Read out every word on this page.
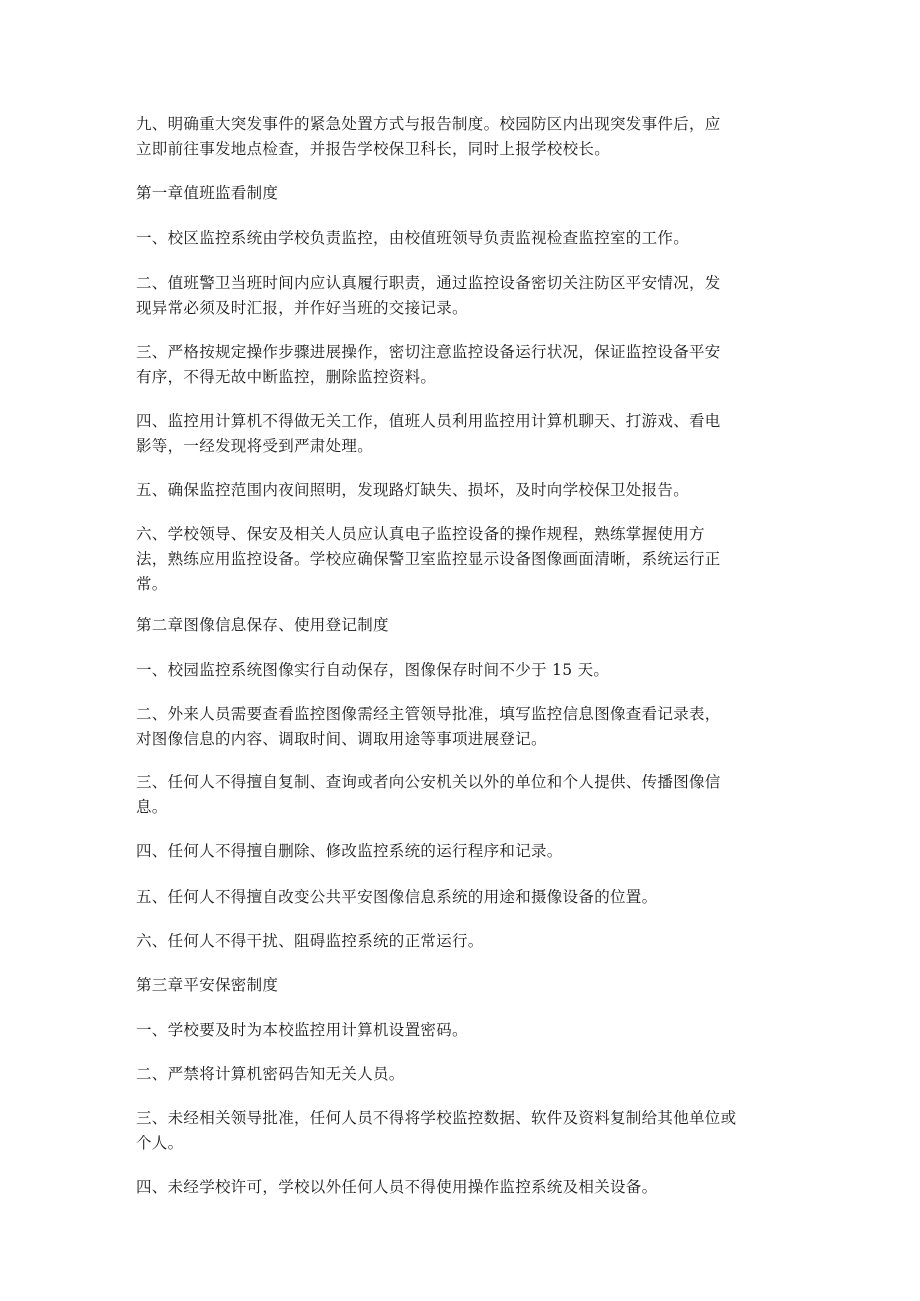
九、明确重大突发事件的紧急处置方式与报告制度。校园防区内出现突发事件后，应
立即前往事发地点检查，并报告学校保卫科长，同时上报学校校长。

第一章值班监看制度

一、校区监控系统由学校负责监控，由校值班领导负责监视检查监控室的工作。

二、值班警卫当班时间内应认真履行职责，通过监控设备密切关注防区平安情况，发
现异常必须及时汇报，并作好当班的交接记录。

三、严格按规定操作步骤进展操作，密切注意监控设备运行状况，保证监控设备平安
有序，不得无故中断监控，删除监控资料。

四、监控用计算机不得做无关工作，值班人员利用监控用计算机聊天、打游戏、看电
影等，一经发现将受到严肃处理。

五、确保监控范围内夜间照明，发现路灯缺失、损坏，及时向学校保卫处报告。

六、学校领导、保安及相关人员应认真电子监控设备的操作规程，熟练掌握使用方
法，熟练应用监控设备。学校应确保警卫室监控显示设备图像画面清晰，系统运行正
常。

第二章图像信息保存、使用登记制度

一、校园监控系统图像实行自动保存，图像保存时间不少于 15 天。

二、外来人员需要查看监控图像需经主管领导批准，填写监控信息图像查看记录表，
对图像信息的内容、调取时间、调取用途等事项进展登记。

三、任何人不得擅自复制、查询或者向公安机关以外的单位和个人提供、传播图像信
息。

四、任何人不得擅自删除、修改监控系统的运行程序和记录。

五、任何人不得擅自改变公共平安图像信息系统的用途和摄像设备的位置。

六、任何人不得干扰、阻碍监控系统的正常运行。

第三章平安保密制度

一、学校要及时为本校监控用计算机设置密码。

二、严禁将计算机密码告知无关人员。

三、未经相关领导批准，任何人员不得将学校监控数据、软件及资料复制给其他单位或
个人。

四、未经学校许可，学校以外任何人员不得使用操作监控系统及相关设备。
